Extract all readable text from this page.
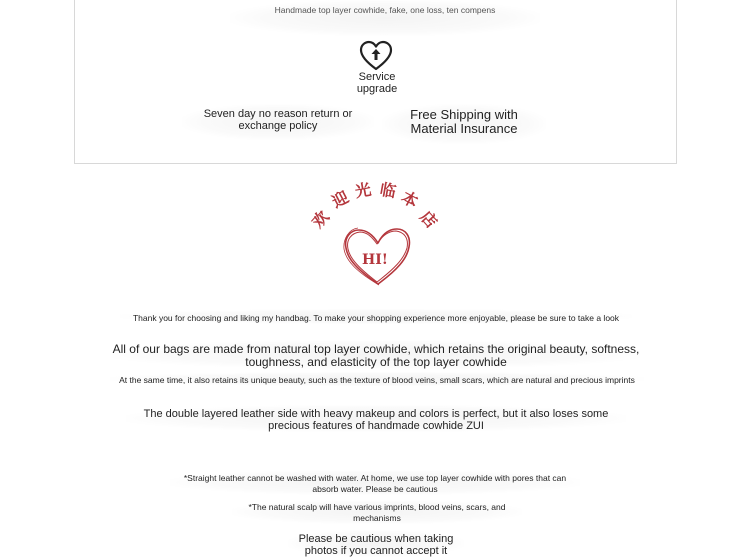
Handmade top layer cowhide, fake, one loss, ten compens
Service
upgrade
Seven day no reason return or
exchange policy
Free Shipping with
Material Insurance
欢
迎 光 临 本
店
HI!
Thank you for choosing and liking my handbag. To make your shopping experience more enjoyable, please be sure to take a look
All of our bags are made from natural top layer cowhide, which retains the original beauty, softness, toughness, and elasticity of the top layer cowhide
At the same time, it also retains its unique beauty, such as the texture of blood veins, small scars, which are natural and precious imprints
The double layered leather side with heavy makeup and colors is perfect, but it also loses some precious features of handmade cowhide ZUI
*Straight leather cannot be washed with water. At home, we use top layer cowhide with pores that can absorb water. Please be cautious
*The natural scalp will have various imprints, blood veins, scars, and mechanisms
Please be cautious when taking photos if you cannot accept it
